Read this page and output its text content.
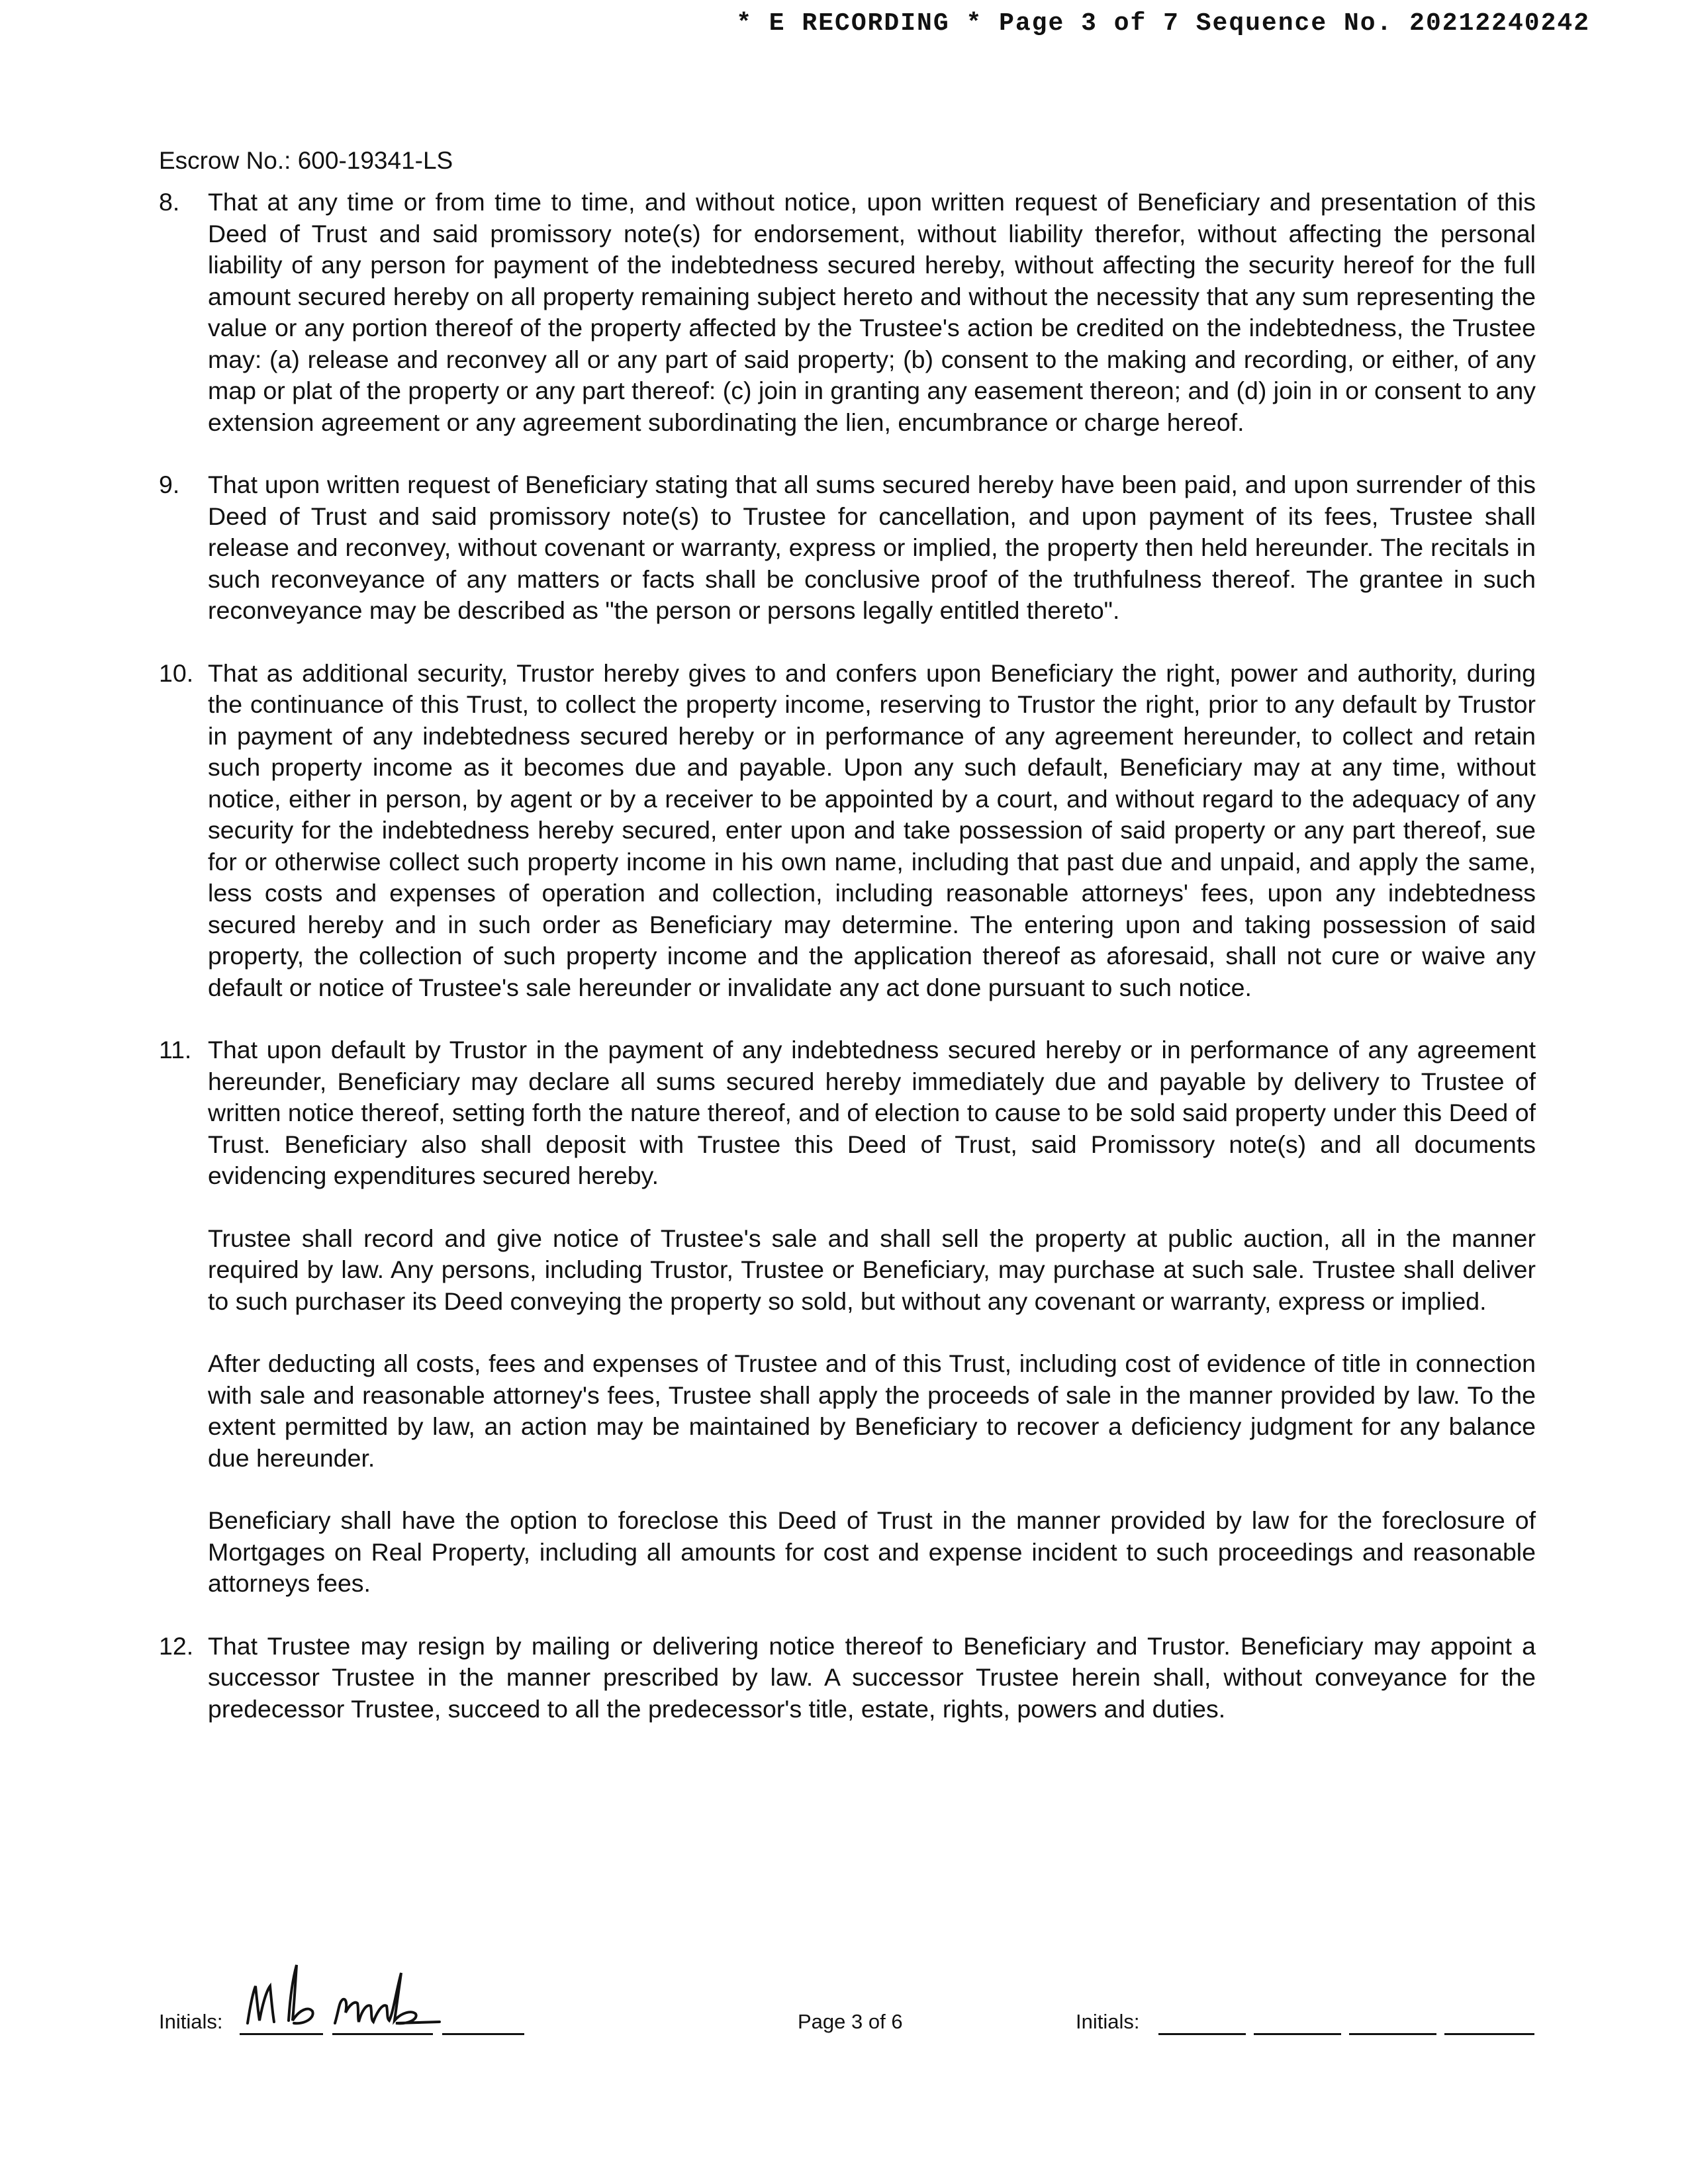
* E RECORDING * Page 3 of 7 Sequence No. 20212240242
Escrow No.: 600-19341-LS
8. That at any time or from time to time, and without notice, upon written request of Beneficiary and presentation of this Deed of Trust and said promissory note(s) for endorsement, without liability therefor, without affecting the personal liability of any person for payment of the indebtedness secured hereby, without affecting the security hereof for the full amount secured hereby on all property remaining subject hereto and without the necessity that any sum representing the value or any portion thereof of the property affected by the Trustee's action be credited on the indebtedness, the Trustee may: (a) release and reconvey all or any part of said property; (b) consent to the making and recording, or either, of any map or plat of the property or any part thereof: (c) join in granting any easement thereon; and (d) join in or consent to any extension agreement or any agreement subordinating the lien, encumbrance or charge hereof.
9. That upon written request of Beneficiary stating that all sums secured hereby have been paid, and upon surrender of this Deed of Trust and said promissory note(s) to Trustee for cancellation, and upon payment of its fees, Trustee shall release and reconvey, without covenant or warranty, express or implied, the property then held hereunder. The recitals in such reconveyance of any matters or facts shall be conclusive proof of the truthfulness thereof. The grantee in such reconveyance may be described as "the person or persons legally entitled thereto".
10. That as additional security, Trustor hereby gives to and confers upon Beneficiary the right, power and authority, during the continuance of this Trust, to collect the property income, reserving to Trustor the right, prior to any default by Trustor in payment of any indebtedness secured hereby or in performance of any agreement hereunder, to collect and retain such property income as it becomes due and payable. Upon any such default, Beneficiary may at any time, without notice, either in person, by agent or by a receiver to be appointed by a court, and without regard to the adequacy of any security for the indebtedness hereby secured, enter upon and take possession of said property or any part thereof, sue for or otherwise collect such property income in his own name, including that past due and unpaid, and apply the same, less costs and expenses of operation and collection, including reasonable attorneys' fees, upon any indebtedness secured hereby and in such order as Beneficiary may determine. The entering upon and taking possession of said property, the collection of such property income and the application thereof as aforesaid, shall not cure or waive any default or notice of Trustee's sale hereunder or invalidate any act done pursuant to such notice.
11. That upon default by Trustor in the payment of any indebtedness secured hereby or in performance of any agreement hereunder, Beneficiary may declare all sums secured hereby immediately due and payable by delivery to Trustee of written notice thereof, setting forth the nature thereof, and of election to cause to be sold said property under this Deed of Trust. Beneficiary also shall deposit with Trustee this Deed of Trust, said Promissory note(s) and all documents evidencing expenditures secured hereby.
Trustee shall record and give notice of Trustee's sale and shall sell the property at public auction, all in the manner required by law. Any persons, including Trustor, Trustee or Beneficiary, may purchase at such sale. Trustee shall deliver to such purchaser its Deed conveying the property so sold, but without any covenant or warranty, express or implied.
After deducting all costs, fees and expenses of Trustee and of this Trust, including cost of evidence of title in connection with sale and reasonable attorney's fees, Trustee shall apply the proceeds of sale in the manner provided by law. To the extent permitted by law, an action may be maintained by Beneficiary to recover a deficiency judgment for any balance due hereunder.
Beneficiary shall have the option to foreclose this Deed of Trust in the manner provided by law for the foreclosure of Mortgages on Real Property, including all amounts for cost and expense incident to such proceedings and reasonable attorneys fees.
12. That Trustee may resign by mailing or delivering notice thereof to Beneficiary and Trustor. Beneficiary may appoint a successor Trustee in the manner prescribed by law. A successor Trustee herein shall, without conveyance for the predecessor Trustee, succeed to all the predecessor's title, estate, rights, powers and duties.
Initials:	Page 3 of 6	Initials:
